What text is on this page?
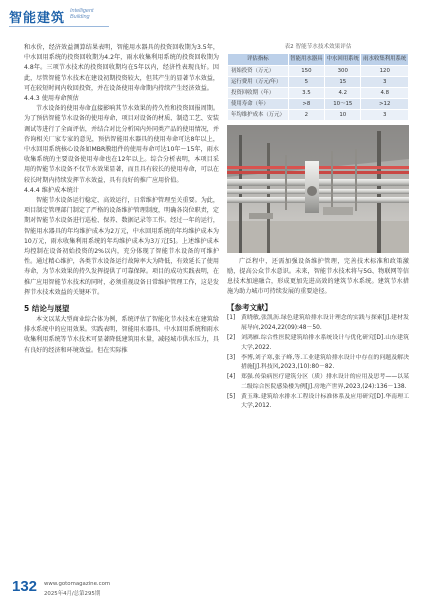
智能建筑 Intelligent Building

和水价，经济效益测算结果表明，智能用水器具的投资回收期为3.5年，中水回用系统的投资回收期为4.2年，雨水收集利用系统的投资回收期为4.8年。三项节水技术的投资回收期均在5年以内，经济性表现良好。因此，尽管智能节水技术在建设初期投资较大，但其产生的显著节水效益，可在较短时间内收回投资，并在设备使用寿命期内持续产生经济效益。

4.4.3 使用寿命预估

节水设备的使用寿命直接影响其节水效果的持久性和投资回报周期。为了预估智能节水设备的使用寿命，项目对设备的材质、制造工艺、安装调试等进行了全面评估，并结合对比分析国内外同类产品的使用情况，并咨询相关厂家专家的意见，预估智能用水器具的使用寿命可达8年以上，中水回用系统核心设备如MBR膜组件的使用寿命可达10年～15年，雨水收集系统的主要设备使用寿命也在12年以上。综合分析表明，本项目采用的智能节水设备不仅节水效果显著，而且具有较长的使用寿命，可以在较长时期内持续发挥节水效益，具有良好的推广应用价值。

4.4.4 维护成本统计

智能节水设备运行稳定、高效运行，日常维护管理至关重要。为此，项目制定管理部门制定了严格的设备维护管理制度，明确各岗位职责，定期对智能节水设备进行巡检、保养、数据记录等工作。经过一年的运行，智能用水器具的年均维护成本为2万元，中水回用系统的年均维护成本为10万元，雨水收集利用系统的年均维护成本为3万元[5]。上述维护成本均控制在设备初始投资的2%以内，充分体现了智能节水设备的可维护性。通过精心维护，各类节水设备运行故障率大为降低，有效延长了使用寿命，为节水效果的持久发挥提供了可靠保障。项目的成功实践表明，在推广应用智能节水技术的同时，必须重视设备日常维护管理工作，这是发挥节水技术效益的关键环节。

5 结论与展望

本文以某大型商业综合体为例，系统评估了智能化节水技术在建筑给排水系统中的应用效果。实践表明，智能用水器具、中水回用系统和雨水收集利用系统等节水技术可显著降低建筑用水量，减轻城市供水压力，具有良好的经济和环境效益。但在实际推

表2 智能节水技术效果评估
评估指标	智能用水器具	中水回用系统	雨水收集利用系统
初始投资（万元）	150	300	120
运行费用（万元/年）	5	15	3
投资回收期（年）	3.5	4.2	4.8
使用寿命（年）	>8	10～15	>12
年均维护成本（万元）	2	10	3

广泛程中，还需加强设备维护管理，完善技术标准和政策激励，提高公众节水意识。未来，智能节水技术将与5G、物联网等信息技术加速融合，形成更加先进高效的建筑节水系统。建筑节水措施为助力城市可持续发展的重要途径。

【参考文献】
[1] 黄晓敏,张凯沥.绿色建筑给排水设计理念的实践与探索[J].建材发展导向,2024,22(09):48－50.
[2] 刘鸿雁.综合性医院建筑给排水系统设计与优化研究[D].山东建筑大学,2022.
[3] 李博,刘子寒,张子峰,等.工业建筑给排水设计中存在的问题及解决措施[J].科技风,2023,(10):80－82.
[4] 郑强.传染病医疗建筑分区（质）排水设计的应用及思考——以某二级综合医院感染楼为例[J].房地产世界,2023,(24):136－138.
[5] 黄玉珠.建筑给水排水工程设计标准体系及应用研究[D].华南理工大学,2012.
132 www.gotomagazine.com
2025年4月/总第295期
